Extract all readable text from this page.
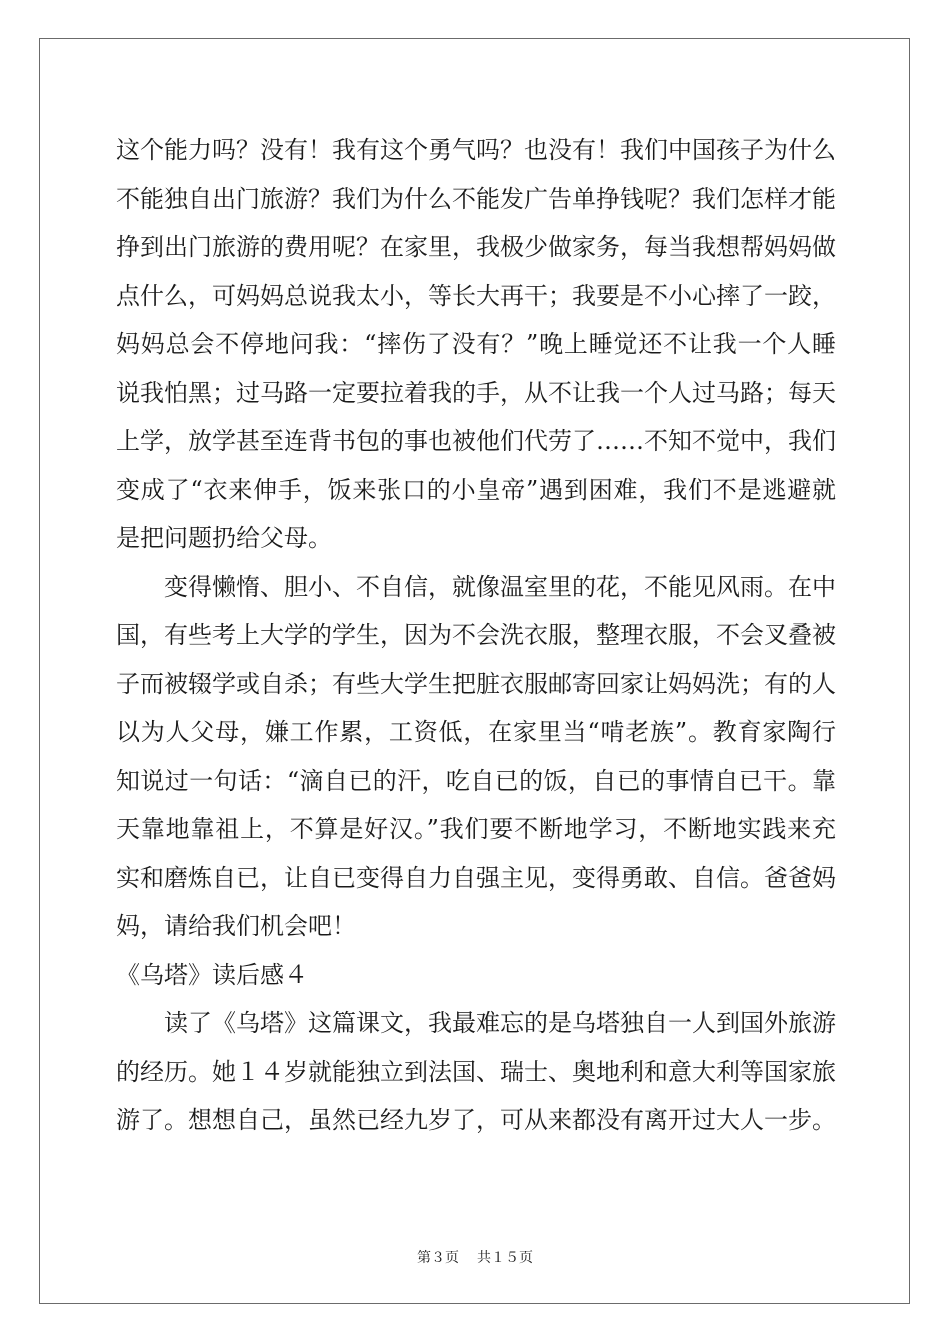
这个能力吗？没有！我有这个勇气吗？也没有！我们中国孩子为什么
不能独自出门旅游？我们为什么不能发广告单挣钱呢？我们怎样才能
挣到出门旅游的费用呢？在家里，我极少做家务，每当我想帮妈妈做
点什么，可妈妈总说我太小，等长大再干；我要是不小心摔了一跤，
妈妈总会不停地问我：“摔伤了没有？”晚上睡觉还不让我一个人睡
说我怕黑；过马路一定要拉着我的手，从不让我一个人过马路；每天
上学，放学甚至连背书包的事也被他们代劳了……不知不觉中，我们
变成了“衣来伸手，饭来张口的小皇帝”遇到困难，我们不是逃避就
是把问题扔给父母。
变得懒惰、胆小、不自信，就像温室里的花，不能见风雨。在中
国，有些考上大学的学生，因为不会洗衣服，整理衣服，不会叉叠被
子而被辍学或自杀；有些大学生把脏衣服邮寄回家让妈妈洗；有的人
以为人父母，嫌工作累，工资低，在家里当“啃老族”。教育家陶行
知说过一句话：“滴自已的汗，吃自已的饭，自已的事情自已干。靠
天靠地靠祖上，不算是好汉。”我们要不断地学习，不断地实践来充
实和磨炼自已，让自已变得自力自强主见，变得勇敢、自信。爸爸妈
妈，请给我们机会吧！
《乌塔》读后感４
读了《乌塔》这篇课文，我最难忘的是乌塔独自一人到国外旅游
的经历。她１４岁就能独立到法国、瑞士、奥地利和意大利等国家旅
游了。想想自己，虽然已经九岁了，可从来都没有离开过大人一步。
第３页 共１５页
